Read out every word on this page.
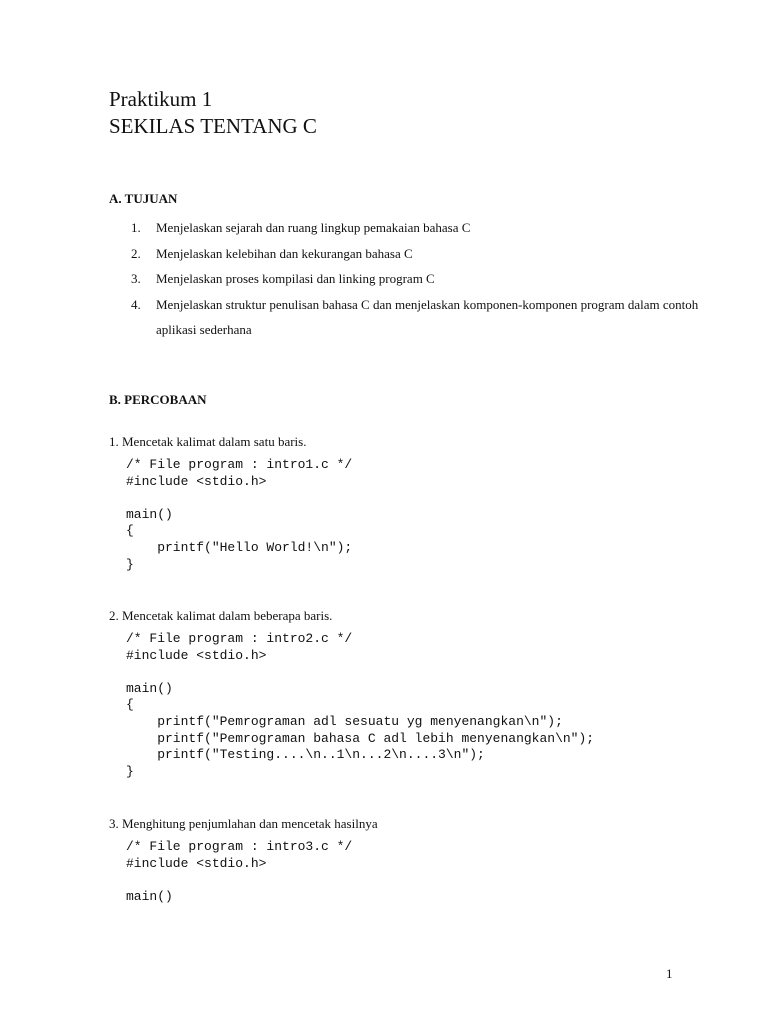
Praktikum 1
SEKILAS TENTANG C
A. TUJUAN
1. Menjelaskan sejarah dan ruang lingkup pemakaian bahasa C
2. Menjelaskan kelebihan dan kekurangan bahasa C
3. Menjelaskan proses kompilasi dan linking program C
4. Menjelaskan struktur penulisan bahasa C dan menjelaskan komponen-komponen program dalam contoh aplikasi sederhana
B. PERCOBAAN
1. Mencetak kalimat dalam satu baris.
/* File program : intro1.c */
#include <stdio.h>

main()
{
printf("Hello World!\n");
}
2. Mencetak kalimat dalam beberapa baris.
/* File program : intro2.c */
#include <stdio.h>

main()
{
printf("Pemrograman adl sesuatu yg menyenangkan\n");
printf("Pemrograman bahasa C adl lebih menyenangkan\n");
printf("Testing....\n..1\n...2\n....3\n");
}
3. Menghitung penjumlahan dan mencetak hasilnya
/* File program : intro3.c */
#include <stdio.h>

main()
1
